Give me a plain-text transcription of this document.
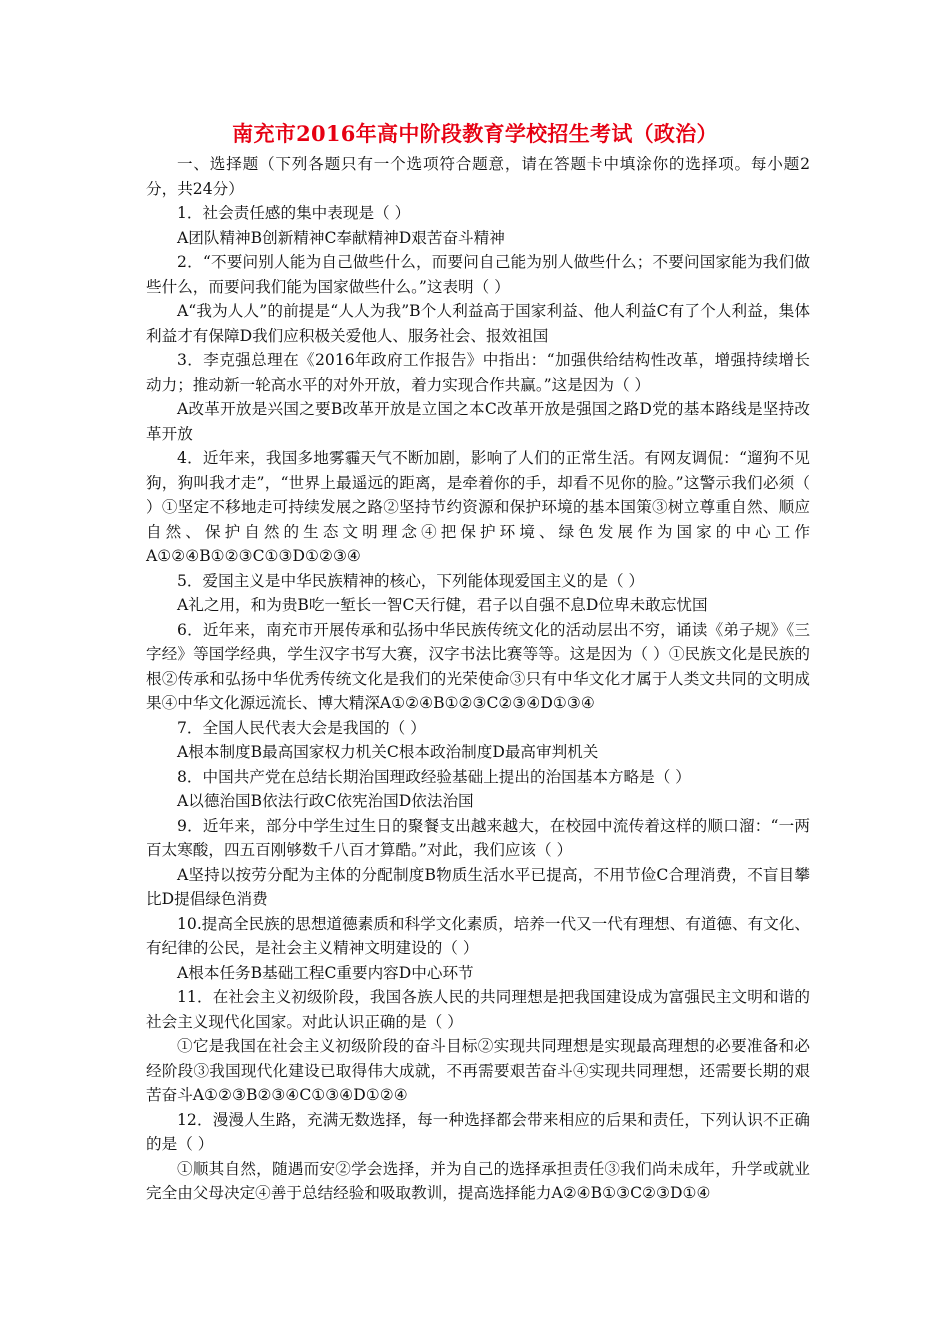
南充市2016年高中阶段教育学校招生考试（政治）

一、选择题（下列各题只有一个选项符合题意，请在答题卡中填涂你的选择项。每小题2分，共24分）

1．社会责任感的集中表现是（ ）

A团队精神B创新精神C奉献精神D艰苦奋斗精神

2．“不要问别人能为自己做些什么，而要问自己能为别人做些什么；不要问国家能为我们做些什么，而要问我们能为国家做些什么。”这表明（ ）

A“我为人人”的前提是“人人为我”B个人利益高于国家利益、他人利益C有了个人利益，集体利益才有保障D我们应积极关爱他人、服务社会、报效祖国

3．李克强总理在《2016年政府工作报告》中指出：“加强供给结构性改革，增强持续增长动力；推动新一轮高水平的对外开放，着力实现合作共赢。”这是因为（ ）

A改革开放是兴国之要B改革开放是立国之本C改革开放是强国之路D党的基本路线是坚持改革开放

4．近年来，我国多地雾霾天气不断加剧，影响了人们的正常生活。有网友调侃：“遛狗不见狗，狗叫我才走”，“世界上最遥远的距离，是牵着你的手，却看不见你的脸。”这警示我们必须（ ）①坚定不移地走可持续发展之路②坚持节约资源和保护环境的基本国策③树立尊重自然、顺应自然、保护自然的生态文明理念④把保护环境、绿色发展作为国家的中心工作 A①②④B①②③C①③D①②③④

5．爱国主义是中华民族精神的核心，下列能体现爱国主义的是（ ）

A礼之用，和为贵B吃一堑长一智C天行健，君子以自强不息D位卑未敢忘忧国

6．近年来，南充市开展传承和弘扬中华民族传统文化的活动层出不穷，诵读《弟子规》《三字经》等国学经典，学生汉字书写大赛，汉字书法比赛等等。这是因为（ ）①民族文化是民族的根②传承和弘扬中华优秀传统文化是我们的光荣使命③只有中华文化才属于人类文共同的文明成果④中华文化源远流长、博大精深A①②④B①②③C②③④D①③④

7．全国人民代表大会是我国的（ ）

A根本制度B最高国家权力机关C根本政治制度D最高审判机关

8．中国共产党在总结长期治国理政经验基础上提出的治国基本方略是（ ）

A以德治国B依法行政C依宪治国D依法治国

9．近年来，部分中学生过生日的聚餐支出越来越大，在校园中流传着这样的顺口溜：“一两百太寒酸，四五百刚够数千八百才算酷。”对此，我们应该（ ）

A坚持以按劳分配为主体的分配制度B物质生活水平已提高，不用节俭C合理消费，不盲目攀比D提倡绿色消费

10.提高全民族的思想道德素质和科学文化素质，培养一代又一代有理想、有道德、有文化、有纪律的公民，是社会主义精神文明建设的（ ）

A根本任务B基础工程C重要内容D中心环节

11．在社会主义初级阶段，我国各族人民的共同理想是把我国建设成为富强民主文明和谐的社会主义现代化国家。对此认识正确的是（ ）

①它是我国在社会主义初级阶段的奋斗目标②实现共同理想是实现最高理想的必要准备和必经阶段③我国现代化建设已取得伟大成就，不再需要艰苦奋斗④实现共同理想，还需要长期的艰苦奋斗A①②③B②③④C①③④D①②④

12．漫漫人生路，充满无数选择，每一种选择都会带来相应的后果和责任，下列认识不正确的是（ ）

①顺其自然，随遇而安②学会选择，并为自己的选择承担责任③我们尚未成年，升学或就业完全由父母决定④善于总结经验和吸取教训，提高选择能力A②④B①③C②③D①④
